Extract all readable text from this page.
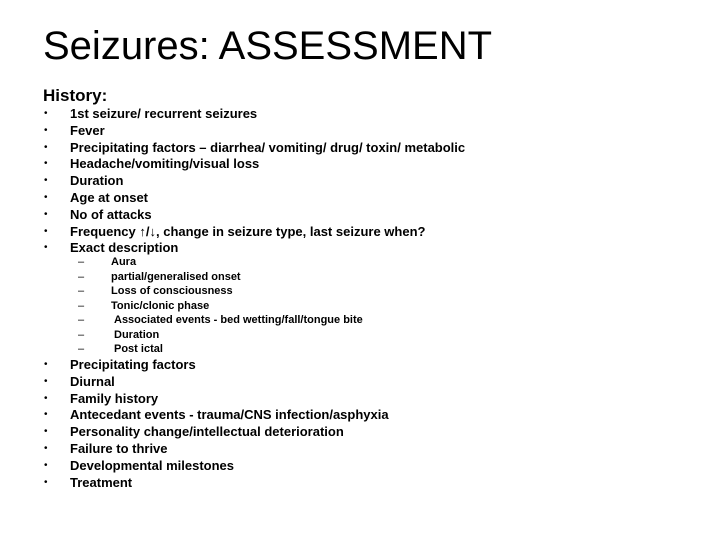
Seizures: ASSESSMENT
History:
•	1st seizure/ recurrent seizures
•	Fever
•	Precipitating factors – diarrhea/ vomiting/ drug/ toxin/ metabolic
•	Headache/vomiting/visual loss
•	Duration
•	Age at onset
•	No of attacks
•	Frequency ↑/↓, change in seizure type, last seizure when?
•	Exact description
– Aura
– partial/generalised onset
– Loss of consciousness
– Tonic/clonic phase
–	Associated events - bed wetting/fall/tongue bite
–	Duration
–	Post ictal
•	Precipitating factors
•	Diurnal
•	Family history
•	Antecedant events - trauma/CNS infection/asphyxia
•	Personality change/intellectual deterioration
•	Failure to thrive
•	Developmental milestones
•	Treatment
